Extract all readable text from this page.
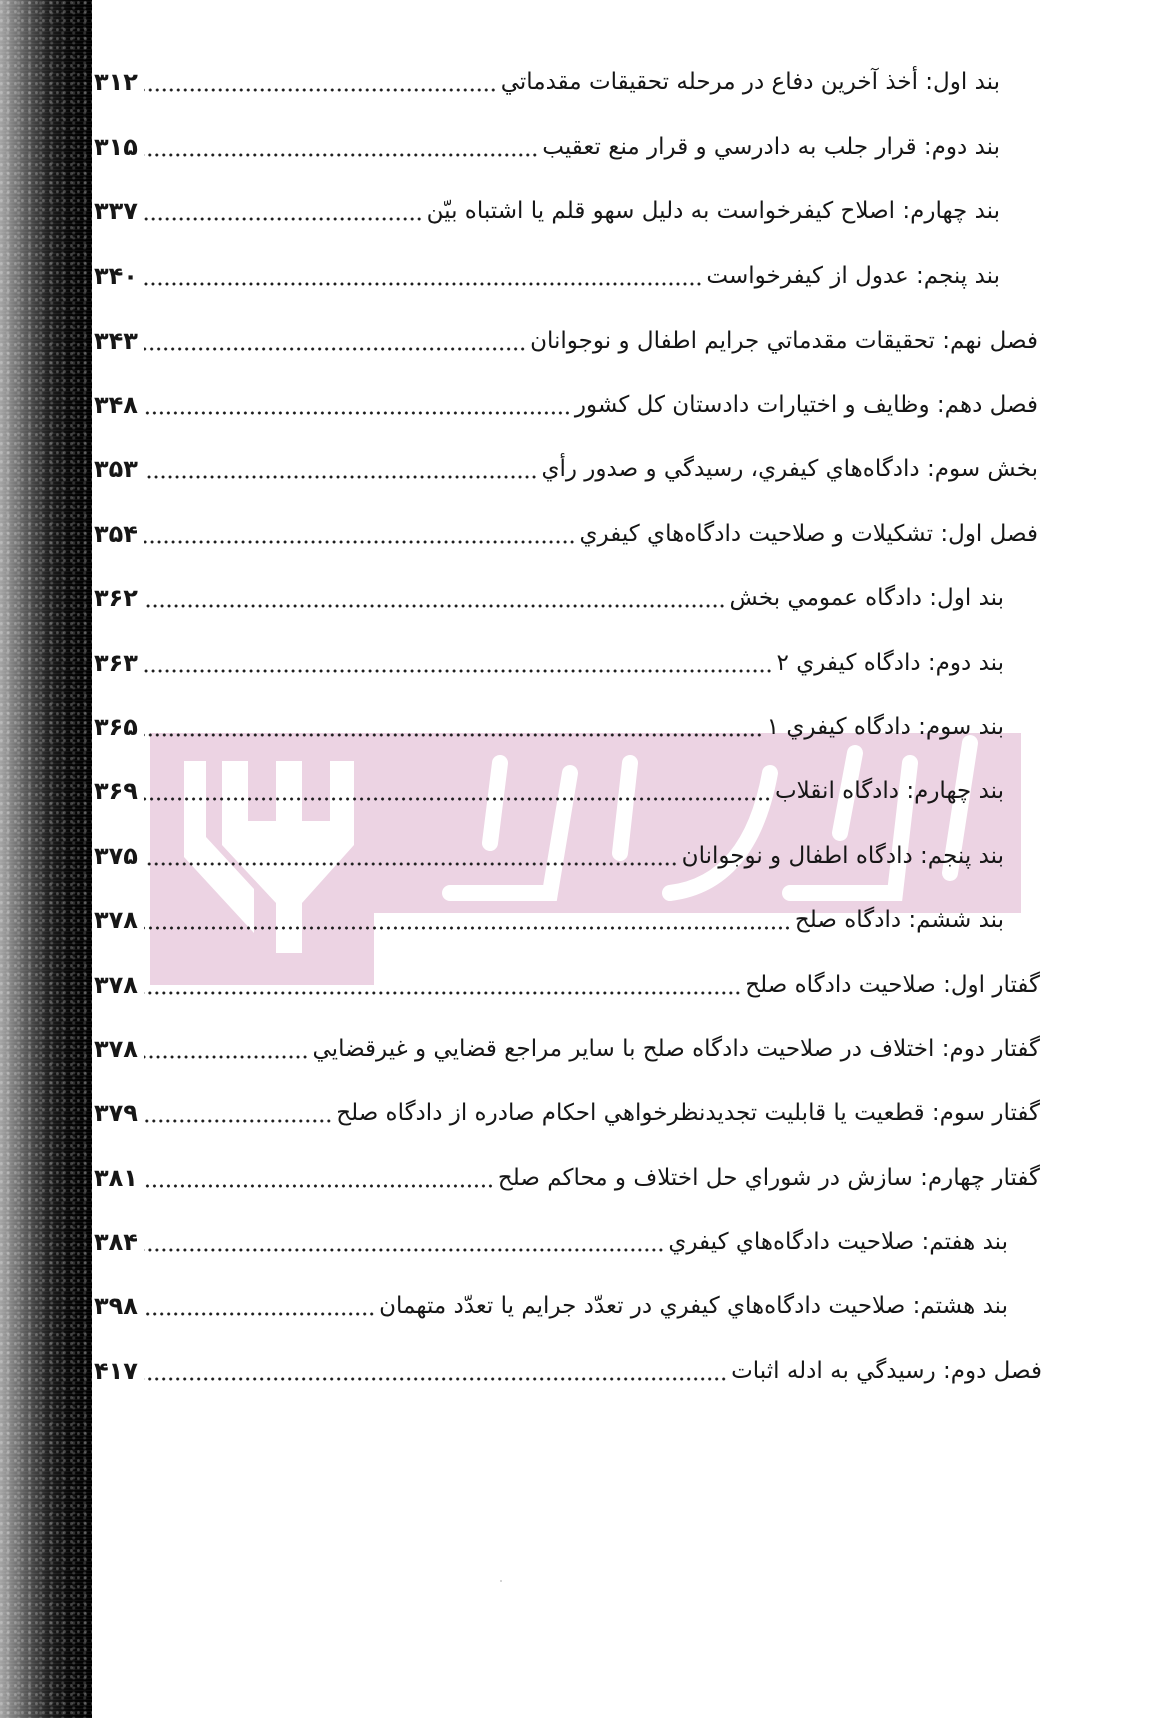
بند اول: أخذ آخرين دفاع در مرحله تحقيقات مقدماتي
۳۱۲
بند دوم: قرار جلب به دادرسي و قرار منع تعقيب
۳۱۵
بند چهارم: اصلاح كيفرخواست به دليل سهو قلم يا اشتباه بيّن
۳۳۷
بند پنجم: عدول از كيفرخواست
۳۴۰
فصل نهم: تحقيقات مقدماتي جرايم اطفال و نوجوانان
۳۴۳
فصل دهم: وظايف و اختيارات دادستان كل كشور
۳۴۸
بخش سوم: دادگاه‌هاي كيفري، رسيدگي و صدور رأي
۳۵۳
فصل اول: تشكيلات و صلاحيت دادگاه‌هاي كيفري
۳۵۴
بند اول: دادگاه عمومي بخش
۳۶۲
بند دوم: دادگاه كيفري ۲
۳۶۳
بند سوم: دادگاه كيفري ۱
۳۶۵
بند چهارم: دادگاه انقلاب
۳۶۹
بند پنجم: دادگاه اطفال و نوجوانان
۳۷۵
بند ششم: دادگاه صلح
۳۷۸
گفتار اول: صلاحيت دادگاه صلح
۳۷۸
گفتار دوم: اختلاف در صلاحيت دادگاه صلح با ساير مراجع قضايي و غيرقضايي
۳۷۸
گفتار سوم: قطعيت يا قابليت تجديدنظرخواهي احكام صادره از دادگاه صلح
۳۷۹
گفتار چهارم: سازش در شوراي حل اختلاف و محاكم صلح
۳۸۱
بند هفتم: صلاحيت دادگاه‌هاي كيفري
۳۸۴
بند هشتم: صلاحيت دادگاه‌هاي كيفري در تعدّد جرايم يا تعدّد متهمان
۳۹۸
فصل دوم: رسيدگي به ادله اثبات
۴۱۷
